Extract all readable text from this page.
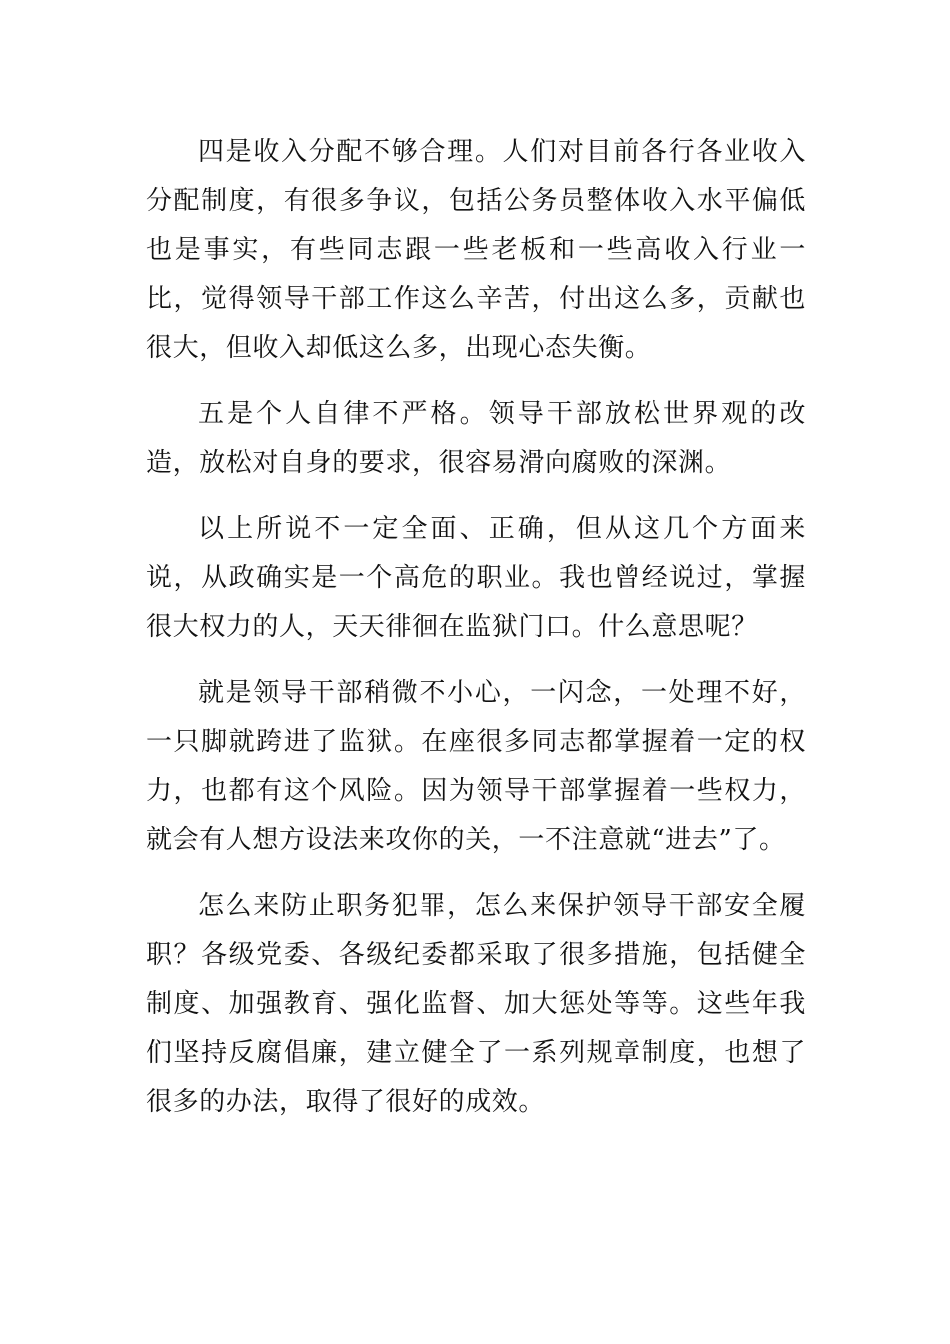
四是收入分配不够合理。人们对目前各行各业收入分配制度，有很多争议，包括公务员整体收入水平偏低也是事实，有些同志跟一些老板和一些高收入行业一比，觉得领导干部工作这么辛苦，付出这么多，贡献也很大，但收入却低这么多，出现心态失衡。

五是个人自律不严格。领导干部放松世界观的改造，放松对自身的要求，很容易滑向腐败的深渊。

以上所说不一定全面、正确，但从这几个方面来说，从政确实是一个高危的职业。我也曾经说过，掌握很大权力的人，天天徘徊在监狱门口。什么意思呢？

就是领导干部稍微不小心，一闪念，一处理不好，一只脚就跨进了监狱。在座很多同志都掌握着一定的权力，也都有这个风险。因为领导干部掌握着一些权力，就会有人想方设法来攻你的关，一不注意就“进去”了。

怎么来防止职务犯罪，怎么来保护领导干部安全履职？各级党委、各级纪委都采取了很多措施，包括健全制度、加强教育、强化监督、加大惩处等等。这些年我们坚持反腐倡廉，建立健全了一系列规章制度，也想了很多的办法，取得了很好的成效。
